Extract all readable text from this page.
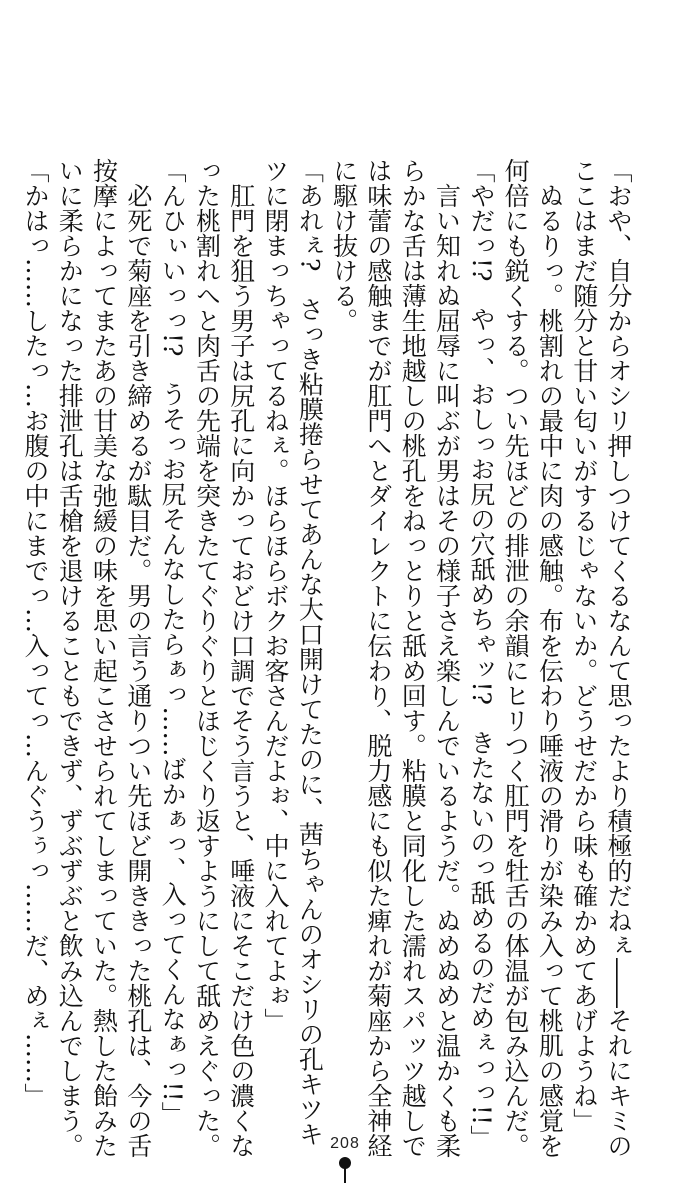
「おや、自分からオシリ押しつけてくるなんて思ったより積極的だねぇ――それにキミの
ここはまだ随分と甘い匂いがするじゃないか。どうせだから味も確かめてあげようね」
　ぬるりっ。桃割れの最中に肉の感触。布を伝わり唾液の滑りが染み入って桃肌の感覚を
何倍にも鋭くする。つい先ほどの排泄の余韻にヒリつく肛門を牡舌の体温が包み込んだ。
「やだっ!?　やっ、おしっお尻の穴舐めちゃッ!?　きたないのっ舐めるのだめぇっっ!!」
　言い知れぬ屈辱に叫ぶが男はその様子さえ楽しんでいるようだ。ぬめぬめと温かくも柔
らかな舌は薄生地越しの桃孔をねっとりと舐め回す。粘膜と同化した濡れスパッツ越しで
は味蕾の感触までが肛門へとダイレクトに伝わり、脱力感にも似た痺れが菊座から全神経
に駆け抜ける。
「あれぇ?　さっき粘膜捲らせてあんな大口開けてたのに、茜ちゃんのオシリの孔キツキ
ツに閉まっちゃってるねぇ。ほらほらボクお客さんだよぉ、中に入れてよぉ」
　肛門を狙う男子は尻孔に向かっておどけ口調でそう言うと、唾液にそこだけ色の濃くな
った桃割れへと肉舌の先端を突きたてぐりぐりとほじくり返すようにして舐めえぐった。
「んひぃいっっ!?　うそっお尻そんなしたらぁっ……ばかぁっ、入ってくんなぁっ!!」
　必死で菊座を引き締めるが駄目だ。男の言う通りつい先ほど開ききった桃孔は、今の舌
按摩によってまたあの甘美な弛緩の味を思い起こさせられてしまっていた。熱した飴みた
いに柔らかになった排泄孔は舌槍を退けることもできず、ずぶずぶと飲み込んでしまう。
「かはっ……したっ…お腹の中にまでっ…入ってっ…んぐうぅっ……だ、めぇ……」
208
